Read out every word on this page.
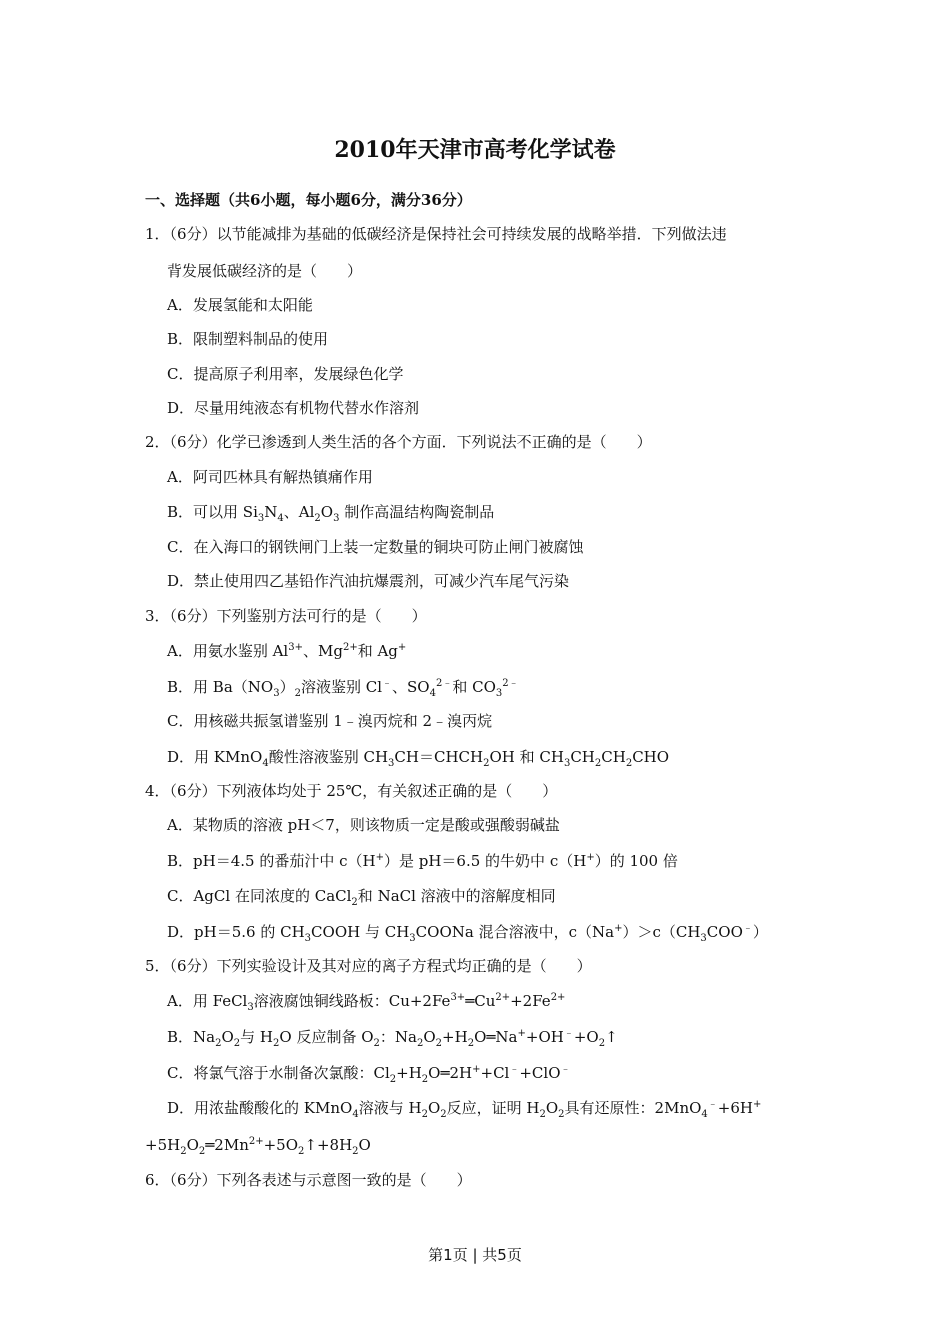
2010年天津市高考化学试卷
一、选择题（共6小题，每小题6分，满分36分）
1．（6分）以节能减排为基础的低碳经济是保持社会可持续发展的战略举措．下列做法违
背发展低碳经济的是（　　）
A．发展氢能和太阳能
B．限制塑料制品的使用
C．提高原子利用率，发展绿色化学
D．尽量用纯液态有机物代替水作溶剂
2．（6分）化学已渗透到人类生活的各个方面．下列说法不正确的是（　　）
A．阿司匹林具有解热镇痛作用
B．可以用 $Si_3N_4$、$Al_2O_3$ 制作高温结构陶瓷制品
C．在入海口的钢铁闸门上装一定数量的铜块可防止闸门被腐蚀
D．禁止使用四乙基铅作汽油抗爆震剂，可减少汽车尾气污染
3．（6分）下列鉴别方法可行的是（　　）
A．用氨水鉴别 $Al^{3+}$、$Mg^{2+}$和 Ag+
B．用 $Ba(NO_3)_2$溶液鉴别 Cl﹣、$SO_4^{2﹣}$和 $CO_3^{2﹣}$
C．用核磁共振氢谱鉴别 1﹣溴丙烷和 2﹣溴丙烷
D．用 KMnO$_4$酸性溶液鉴别 $CH_3CH=CHCH_2OH$ 和 $CH_3CH_2CH_2CHO$
4．（6分）下列液体均处于 25℃，有关叙述正确的是（　　）
A．某物质的溶液 pH＜7，则该物质一定是酸或强酸弱碱盐
B．pH＝4.5 的番茄汁中 c（H+）是 pH＝6.5 的牛奶中 c（H+）的 100 倍
C．AgCl 在同浓度的 CaCl$_2$和 NaCl 溶液中的溶解度相同
D．pH＝5.6 的 $CH_3COOH$ 与 $CH_3COONa$ 混合溶液中，$c(Na^+)>c(CH_3COO^﹣)$
5．（6分）下列实验设计及其对应的离子方程式均正确的是（　　）
A．用 FeCl$_3$溶液腐蚀铜线路板：$Cu+2Fe^{3+}═Cu^{2+}+2Fe^{2+}$
B．$Na_2O_2$与 $H_2O$ 反应制备 $O_2$：$Na_2O_2+H_2O═Na^++OH^﹣+O_2↑$
C．将氯气溶于水制备次氯酸：$Cl_2+H_2O═2H^++Cl^﹣+ClO^﹣$
D．用浓盐酸酸化的 KMnO$_4$溶液与 $H_2O_2$反应，证明 $H_2O_2$具有还原性：2MnO$_4$﹣+6H+
$+5H_2O_2═2Mn^{2+}+5O_2↑+8H_2O$
6．（6分）下列各表述与示意图一致的是（　　）
第1页 | 共5页
